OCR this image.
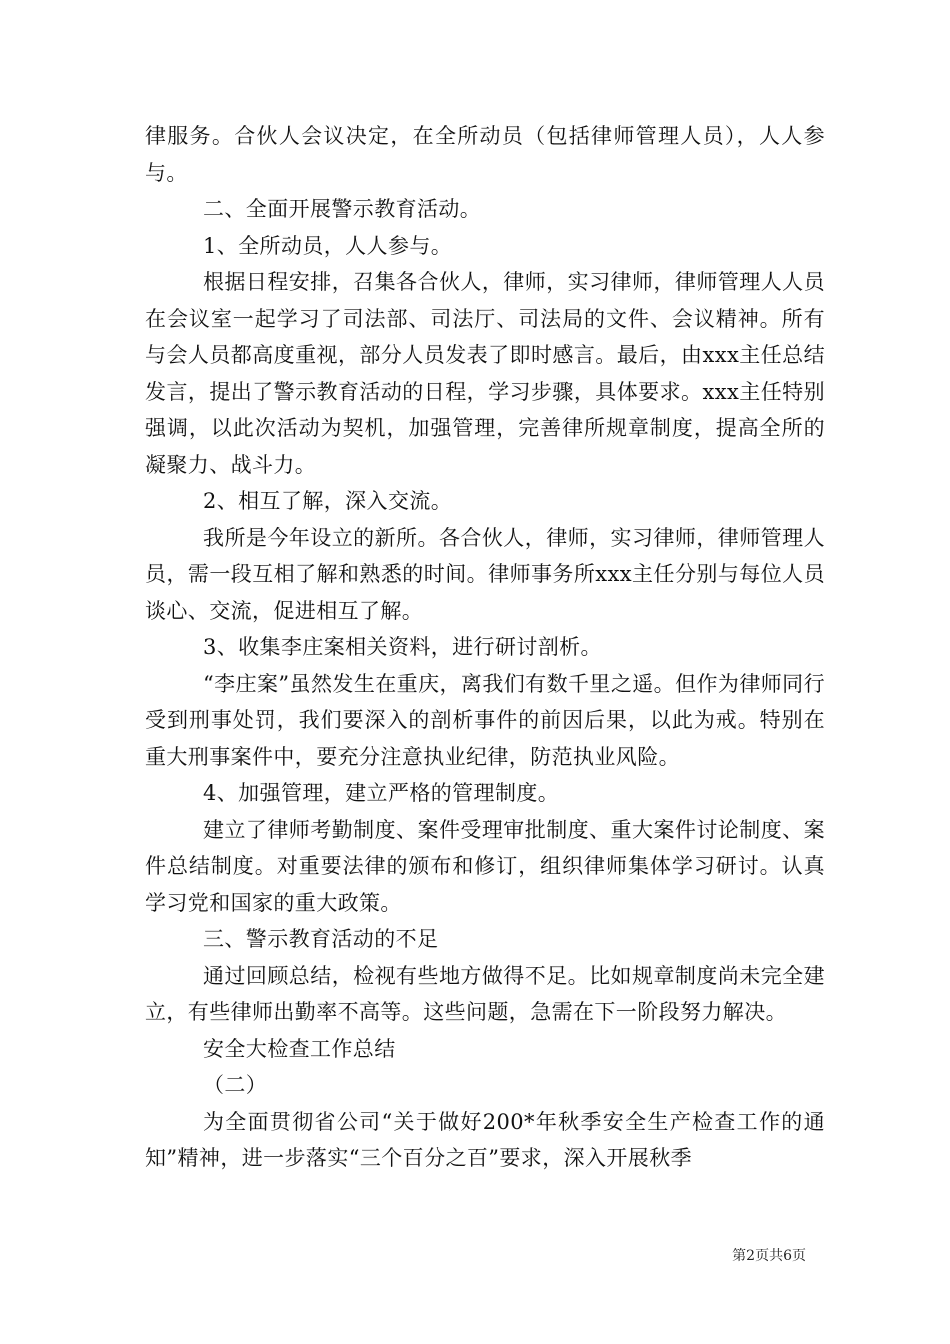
律服务。合伙人会议决定，在全所动员（包括律师管理人员），人人参与。

二、全面开展警示教育活动。

1、全所动员，人人参与。

根据日程安排，召集各合伙人，律师，实习律师，律师管理人人员在会议室一起学习了司法部、司法厅、司法局的文件、会议精神。所有与会人员都高度重视，部分人员发表了即时感言。最后，由xxx主任总结发言，提出了警示教育活动的日程，学习步骤，具体要求。xxx主任特别强调，以此次活动为契机，加强管理，完善律所规章制度，提高全所的凝聚力、战斗力。

2、相互了解，深入交流。

我所是今年设立的新所。各合伙人，律师，实习律师，律师管理人员，需一段互相了解和熟悉的时间。律师事务所xxx主任分别与每位人员谈心、交流，促进相互了解。

3、收集李庄案相关资料，进行研讨剖析。

“李庄案”虽然发生在重庆，离我们有数千里之遥。但作为律师同行受到刑事处罚，我们要深入的剖析事件的前因后果，以此为戒。特别在重大刑事案件中，要充分注意执业纪律，防范执业风险。

4、加强管理，建立严格的管理制度。

建立了律师考勤制度、案件受理审批制度、重大案件讨论制度、案件总结制度。对重要法律的颁布和修订，组织律师集体学习研讨。认真学习党和国家的重大政策。

三、警示教育活动的不足

通过回顾总结，检视有些地方做得不足。比如规章制度尚未完全建立，有些律师出勤率不高等。这些问题，急需在下一阶段努力解决。

安全大检查工作总结

（二）

为全面贯彻省公司“关于做好200*年秋季安全生产检查工作的通知”精神，进一步落实“三个百分之百”要求，深入开展秋季

第2页共6页
